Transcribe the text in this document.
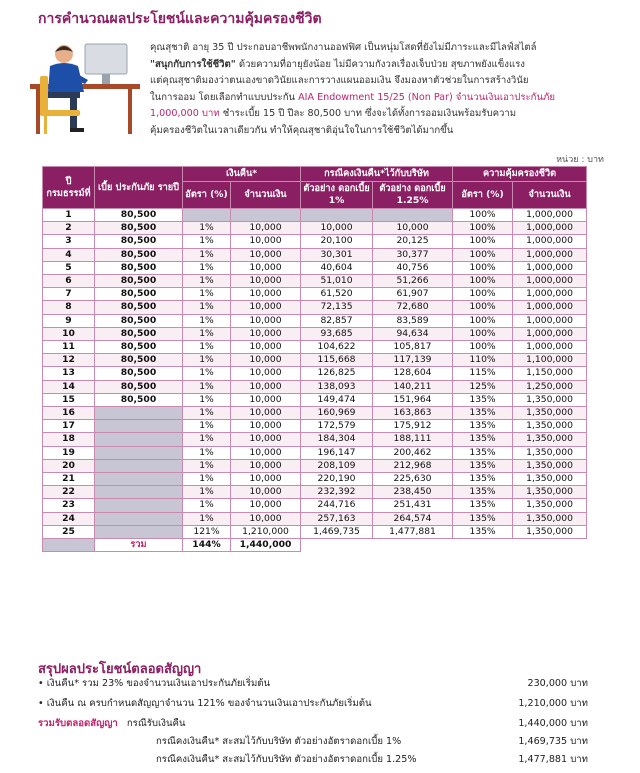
การคำนวณผลประโยชน์และความคุ้มครองชีวิต
คุณสุชาติ อายุ 35 ปี ประกอบอาชีพพนักงานออฟฟิศ เป็นหนุ่มโสดที่ยังไม่มีภาระและมีไลฟ์สไตล์
"สนุกกับการใช้ชีวิต" ด้วยความที่อายุยังน้อย ไม่มีความกังวลเรื่องเจ็บป่วย สุขภาพยังแข็งแรง
แต่คุณสุชาติมองว่าตนเองขาดวินัยและการวางแผนออมเงิน จึงมองหาตัวช่วยในการสร้างวินัย
ในการออม โดยเลือกทำแบบประกัน AIA Endowment 15/25 (Non Par) จำนวนเงินเอาประกันภัย
1,000,000 บาท ชำระเบี้ย 15 ปี ปีละ 80,500 บาท ซึ่งจะได้ทั้งการออมเงินพร้อมรับความ
คุ้มครองชีวิตในเวลาเดียวกัน ทำให้คุณสุชาติอุ่นใจในการใช้ชีวิตได้มากขึ้น
หน่วย : บาท
ปี กรมธรรม์ที่	เบี้ย ประกันภัย รายปี	เงินคืน*		กรณีคงเงินคืน*ไว้กับบริษัท		ความคุ้มครองชีวิต	
		อัตรา (%)	จำนวนเงิน	ตัวอย่าง ดอกเบี้ย 1%	ตัวอย่าง ดอกเบี้ย 1.25%	อัตรา (%)	จำนวนเงิน
1	80,500					100%	1,000,000
2	80,500	1%	10,000	10,000	10,000	100%	1,000,000
3	80,500	1%	10,000	20,100	20,125	100%	1,000,000
4	80,500	1%	10,000	30,301	30,377	100%	1,000,000
5	80,500	1%	10,000	40,604	40,756	100%	1,000,000
6	80,500	1%	10,000	51,010	51,266	100%	1,000,000
7	80,500	1%	10,000	61,520	61,907	100%	1,000,000
8	80,500	1%	10,000	72,135	72,680	100%	1,000,000
9	80,500	1%	10,000	82,857	83,589	100%	1,000,000
10	80,500	1%	10,000	93,685	94,634	100%	1,000,000
11	80,500	1%	10,000	104,622	105,817	100%	1,000,000
12	80,500	1%	10,000	115,668	117,139	110%	1,100,000
13	80,500	1%	10,000	126,825	128,604	115%	1,150,000
14	80,500	1%	10,000	138,093	140,211	125%	1,250,000
15	80,500	1%	10,000	149,474	151,964	135%	1,350,000
16		1%	10,000	160,969	163,863	135%	1,350,000
17		1%	10,000	172,579	175,912	135%	1,350,000
18		1%	10,000	184,304	188,111	135%	1,350,000
19		1%	10,000	196,147	200,462	135%	1,350,000
20		1%	10,000	208,109	212,968	135%	1,350,000
21		1%	10,000	220,190	225,630	135%	1,350,000
22		1%	10,000	232,392	238,450	135%	1,350,000
23		1%	10,000	244,716	251,431	135%	1,350,000
24		1%	10,000	257,163	264,574	135%	1,350,000
25		121%	1,210,000	1,469,735	1,477,881	135%	1,350,000
	รวม	144%	1,440,000				
สรุปผลประโยชน์ตลอดสัญญา
• เงินคืน* รวม 23% ของจำนวนเงินเอาประกันภัยเริ่มต้น	230,000 บาท
• เงินคืน ณ ครบกำหนดสัญญาจำนวน 121% ของจำนวนเงินเอาประกันภัยเริ่มต้น	1,210,000 บาท
รวมรับตลอดสัญญา กรณีรับเงินคืน	1,440,000 บาท
กรณีคงเงินคืน* สะสมไว้กับบริษัท ตัวอย่างอัตราดอกเบี้ย 1%	1,469,735 บาท
กรณีคงเงินคืน* สะสมไว้กับบริษัท ตัวอย่างอัตราดอกเบี้ย 1.25%	1,477,881 บาท
